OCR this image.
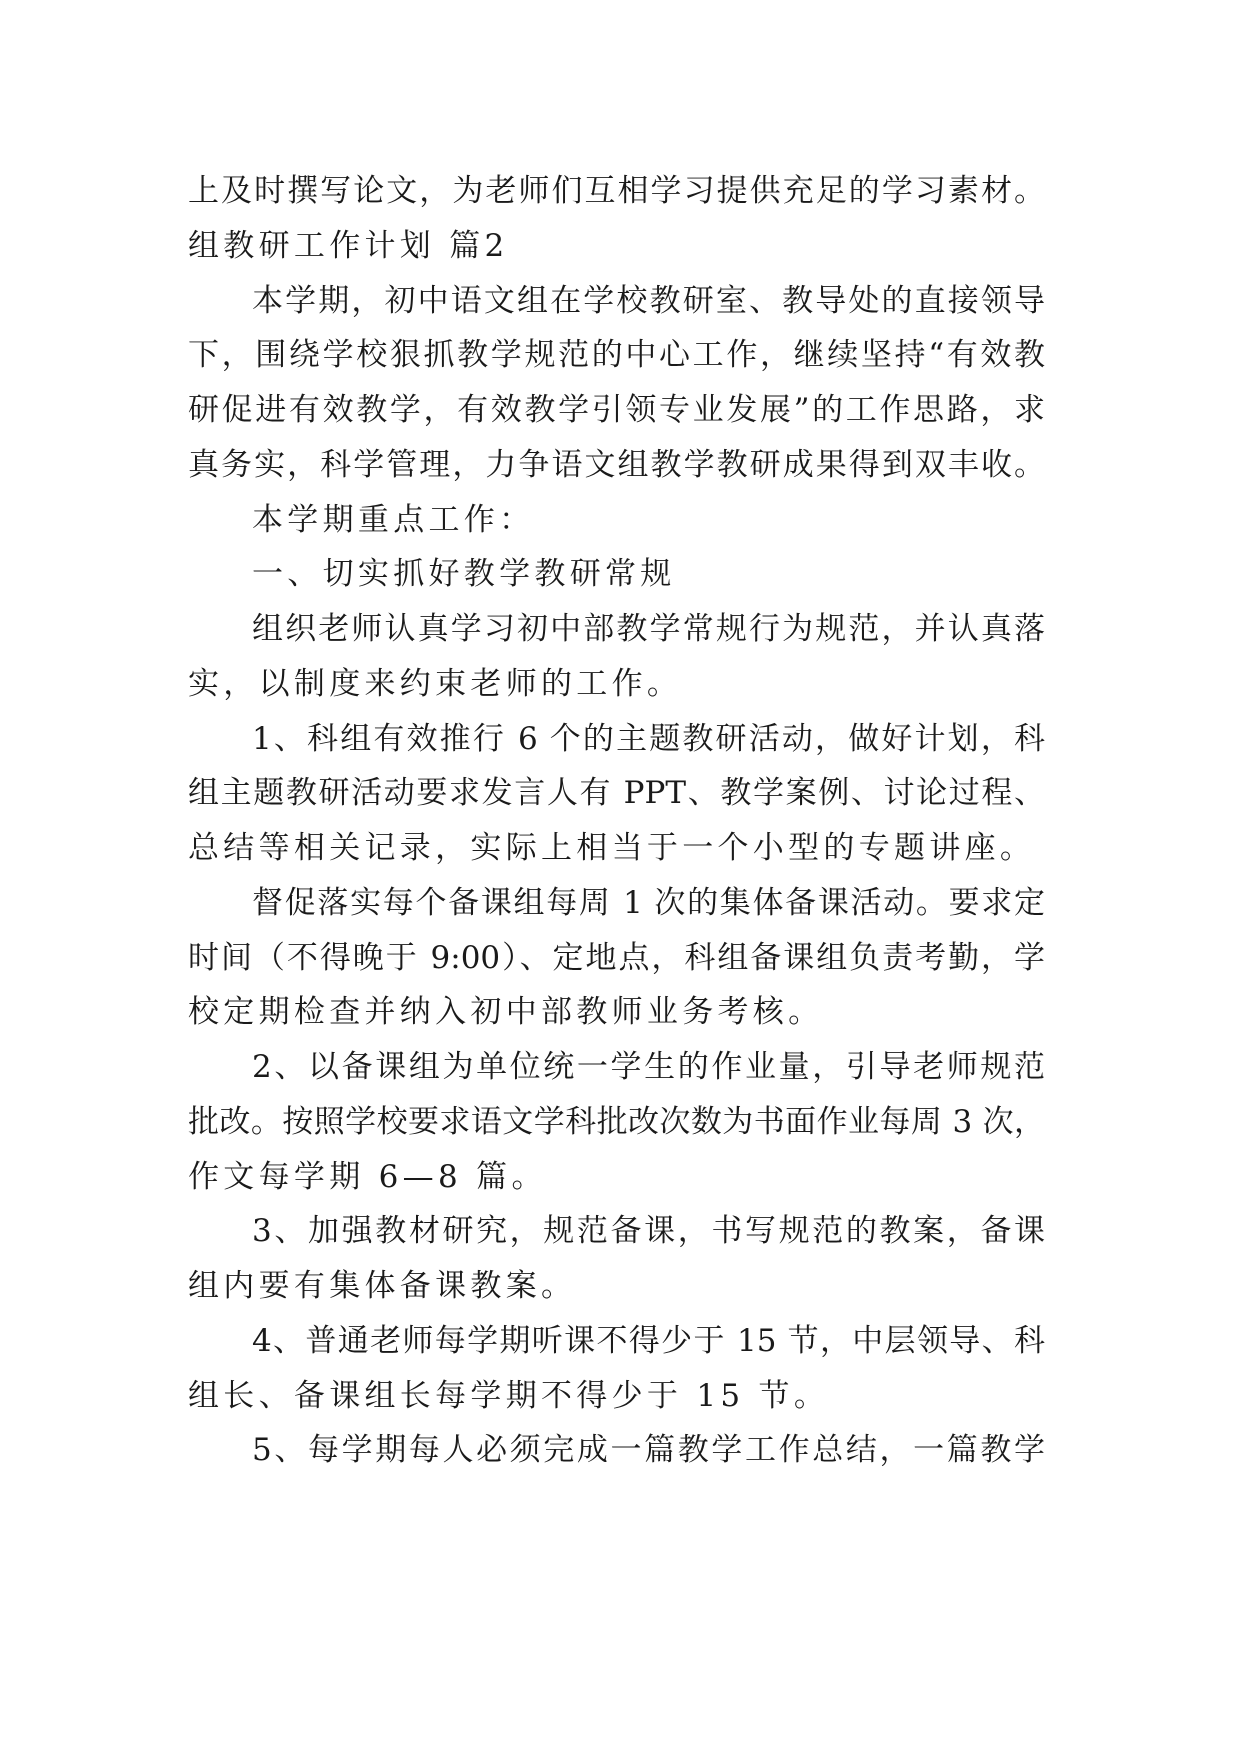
上及时撰写论文，为老师们互相学习提供充足的学习素材。

组教研工作计划 篇2

本学期，初中语文组在学校教研室、教导处的直接领导

下，围绕学校狠抓教学规范的中心工作，继续坚持“有效教

研促进有效教学，有效教学引领专业发展”的工作思路，求

真务实，科学管理，力争语文组教学教研成果得到双丰收。

本学期重点工作：

一、切实抓好教学教研常规

组织老师认真学习初中部教学常规行为规范，并认真落

实，以制度来约束老师的工作。

1、科组有效推行 6 个的主题教研活动，做好计划，科

组主题教研活动要求发言人有 PPT、教学案例、讨论过程、

总结等相关记录，实际上相当于一个小型的专题讲座。

督促落实每个备课组每周 1 次的集体备课活动。要求定

时间（不得晚于 9:00）、定地点，科组备课组负责考勤，学

校定期检查并纳入初中部教师业务考核。

2、以备课组为单位统一学生的作业量，引导老师规范

批改。按照学校要求语文学科批改次数为书面作业每周 3 次，

作文每学期 6—8 篇。

3、加强教材研究，规范备课，书写规范的教案，备课

组内要有集体备课教案。

4、普通老师每学期听课不得少于 15 节，中层领导、科

组长、备课组长每学期不得少于 15 节。

5、每学期每人必须完成一篇教学工作总结，一篇教学
